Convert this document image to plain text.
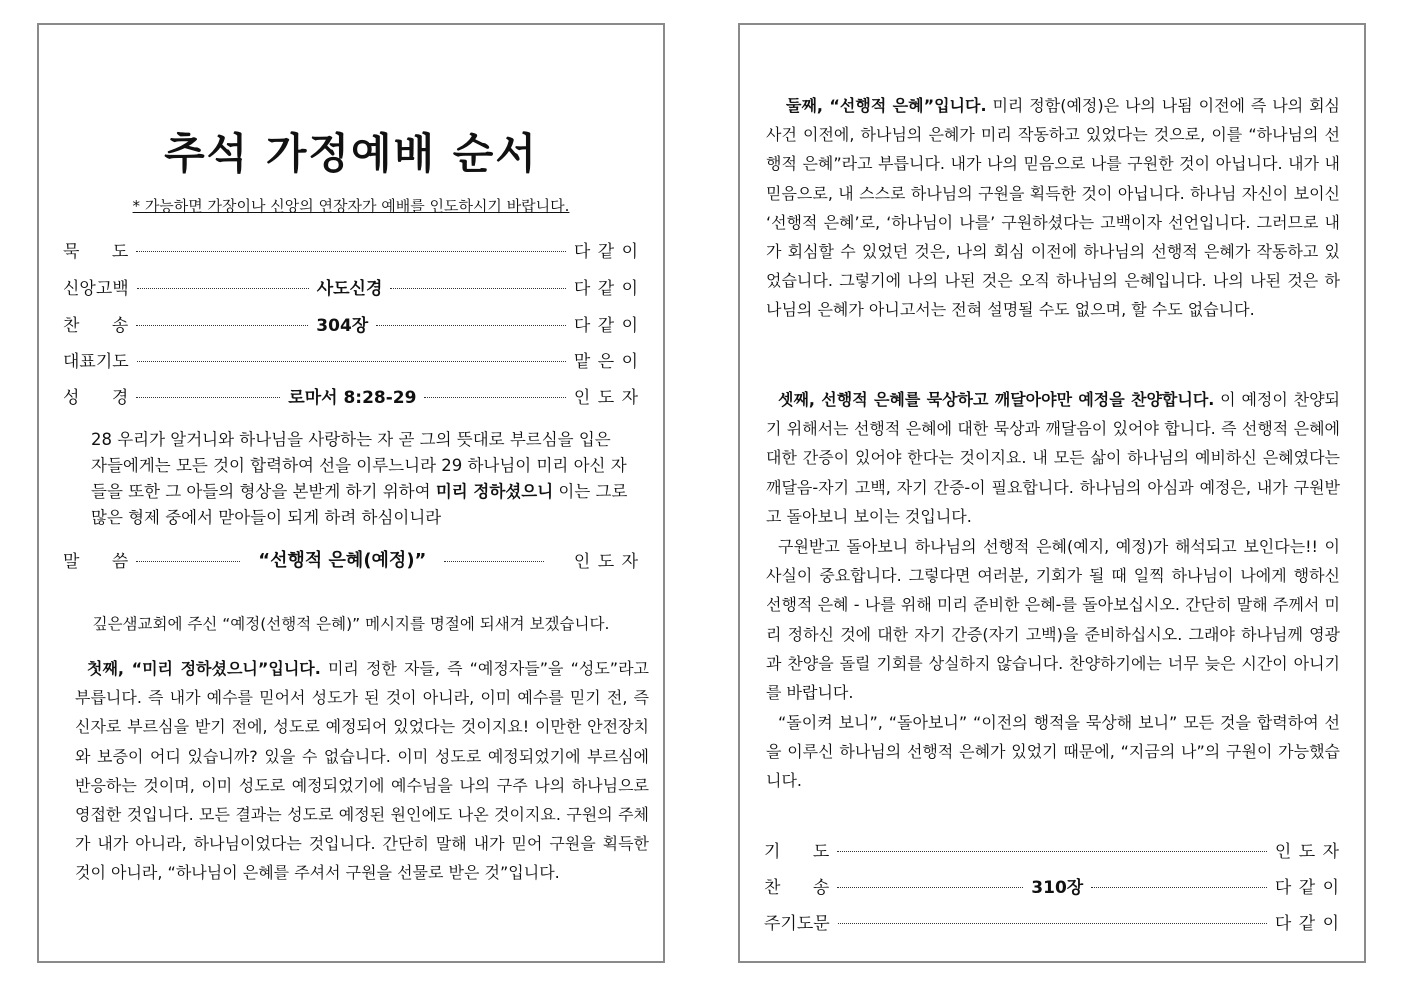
추석 가정예배 순서
* 가능하면 가장이나 신앙의 연장자가 예배를 인도하시기 바랍니다.
묵      도	다 같 이
신앙고백	사도신경	다 같 이
찬      송	304장	다 같 이
대표기도	맡 은 이
성      경	로마서 8:28-29	인 도 자

28 우리가 알거니와 하나님을 사랑하는 자 곧 그의 뜻대로 부르심을 입은 자들에게는 모든 것이 합력하여 선을 이루느니라 29 하나님이 미리 아신 자들을 또한 그 아들의 형상을 본받게 하기 위하여 미리 정하셨으니 이는 그로 많은 형제 중에서 맏아들이 되게 하려 하심이니라

말      씀	“선행적 은혜(예정)”	인 도 자

깊은샘교회에 주신 “예정(선행적 은혜)” 메시지를 명절에 되새겨 보겠습니다.

첫째, “미리 정하셨으니”입니다. 미리 정한 자들, 즉 “예정자들”을 “성도”라고 부릅니다. 즉 내가 예수를 믿어서 성도가 된 것이 아니라, 이미 예수를 믿기 전, 즉 신자로 부르심을 받기 전에, 성도로 예정되어 있었다는 것이지요! 이만한 안전장치와 보증이 어디 있습니까? 있을 수 없습니다. 이미 성도로 예정되었기에 부르심에 반응하는 것이며, 이미 성도로 예정되었기에 예수님을 나의 구주 나의 하나님으로 영접한 것입니다. 모든 결과는 성도로 예정된 원인에도 나온 것이지요. 구원의 주체가 내가 아니라, 하나님이었다는 것입니다. 간단히 말해 내가 믿어 구원을 획득한 것이 아니라, “하나님이 은혜를 주셔서 구원을 선물로 받은 것”입니다.

둘째, “선행적 은혜”입니다. 미리 정함(예정)은 나의 나됨 이전에 즉 나의 회심 사건 이전에, 하나님의 은혜가 미리 작동하고 있었다는 것으로, 이를 “하나님의 선행적 은혜”라고 부릅니다. 내가 나의 믿음으로 나를 구원한 것이 아닙니다. 내가 내 믿음으로, 내 스스로 하나님의 구원을 획득한 것이 아닙니다. 하나님 자신이 보이신 ‘선행적 은혜’로, ‘하나님이 나를’ 구원하셨다는 고백이자 선언입니다. 그러므로 내가 회심할 수 있었던 것은, 나의 회심 이전에 하나님의 선행적 은혜가 작동하고 있었습니다. 그렇기에 나의 나된 것은 오직 하나님의 은혜입니다. 나의 나된 것은 하나님의 은혜가 아니고서는 전혀 설명될 수도 없으며, 할 수도 없습니다.

셋째, 선행적 은혜를 묵상하고 깨달아야만 예정을 찬양합니다. 이 예정이 찬양되기 위해서는 선행적 은혜에 대한 묵상과 깨달음이 있어야 합니다. 즉 선행적 은혜에 대한 간증이 있어야 한다는 것이지요. 내 모든 삶이 하나님의 예비하신 은혜였다는 깨달음-자기 고백, 자기 간증-이 필요합니다. 하나님의 아심과 예정은, 내가 구원받고 돌아보니 보이는 것입니다.

구원받고 돌아보니 하나님의 선행적 은혜(예지, 예정)가 해석되고 보인다는!! 이 사실이 중요합니다. 그렇다면 여러분, 기회가 될 때 일찍 하나님이 나에게 행하신 선행적 은혜 - 나를 위해 미리 준비한 은혜-를 돌아보십시오. 간단히 말해 주께서 미리 정하신 것에 대한 자기 간증(자기 고백)을 준비하십시오. 그래야 하나님께 영광과 찬양을 돌릴 기회를 상실하지 않습니다. 찬양하기에는 너무 늦은 시간이 아니기를 바랍니다.

“돌이켜 보니”, “돌아보니” “이전의 행적을 묵상해 보니” 모든 것을 합력하여 선을 이루신 하나님의 선행적 은혜가 있었기 때문에, “지금의 나”의 구원이 가능했습니다.

기      도	인 도 자
찬      송	310장	다 같 이
주기도문	다 같 이
